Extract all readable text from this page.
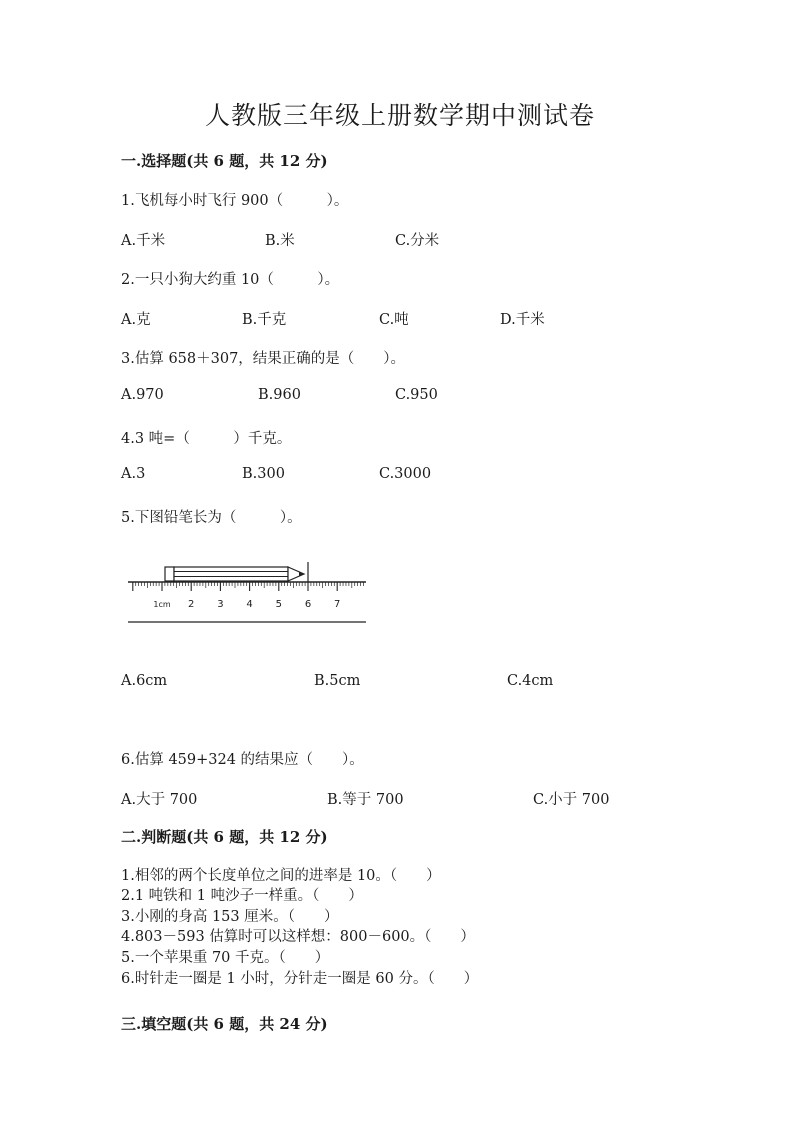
人教版三年级上册数学期中测试卷
一.选择题(共 6 题，共 12 分)
1.飞机每小时飞行 900（　　　）。
A.千米	B.米	C.分米
2.一只小狗大约重 10（　　　）。
A.克	B.千克	C.吨	D.千米
3.估算 658＋307，结果正确的是（　　）。
A.970	B.960	C.950
4.3 吨=（　　　）千克。
A.3	B.300	C.3000
5.下图铅笔长为（　　　）。
1cm 2 3 4 5 6 7
A.6cm	B.5cm	C.4cm
6.估算 459+324 的结果应（　　）。
A.大于 700	B.等于 700	C.小于 700
二.判断题(共 6 题，共 12 分)
1.相邻的两个长度单位之间的进率是 10。（　　）
2.1 吨铁和 1 吨沙子一样重。（　　）
3.小刚的身高 153 厘米。（　　）
4.803－593 估算时可以这样想：800－600。（　　）
5.一个苹果重 70 千克。（　　）
6.时针走一圈是 1 小时，分针走一圈是 60 分。（　　）
三.填空题(共 6 题，共 24 分)
